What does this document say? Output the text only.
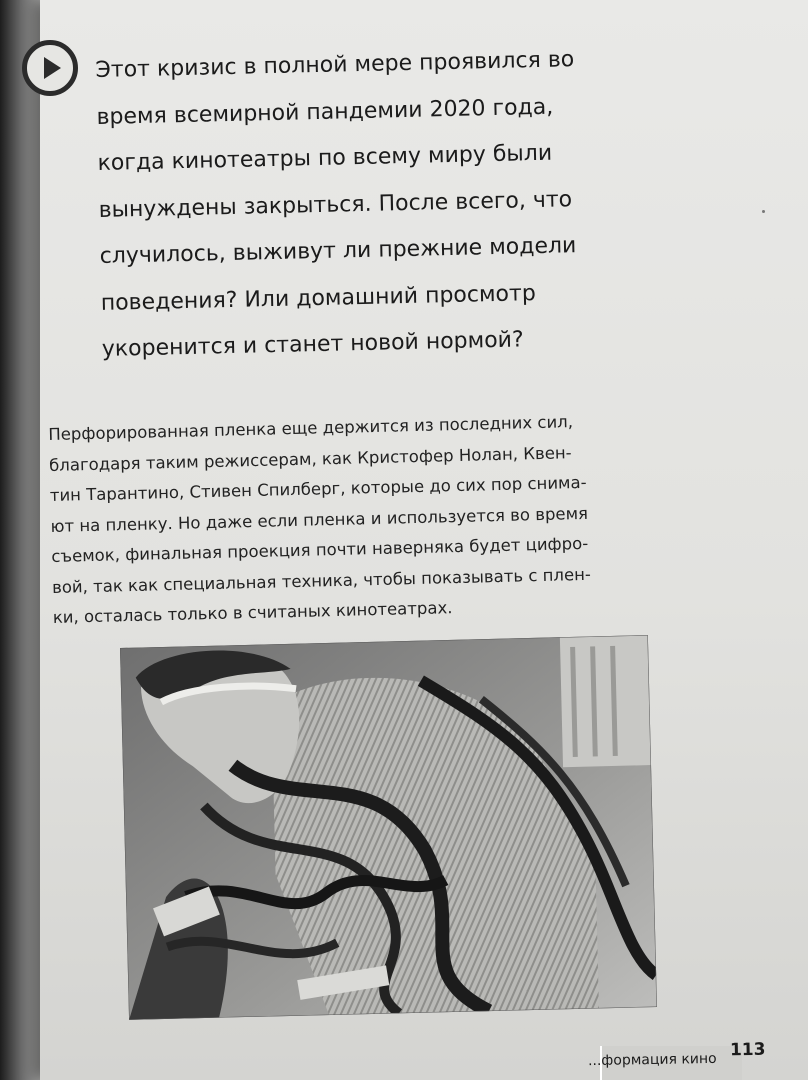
Этот кризис в полной мере проявился во
время всемирной пандемии 2020 года,
когда кинотеатры по всему миру были
вынуждены закрыться. После всего, что
случилось, выживут ли прежние модели
поведения? Или домашний просмотр
укоренится и станет новой нормой?
Перфорированная пленка еще держится из последних сил,
благодаря таким режиссерам, как Кристофер Нолан, Квен-
тин Тарантино, Стивен Спилберг, которые до сих пор снима-
ют на пленку. Но даже если пленка и используется во время
съемок, финальная проекция почти наверняка будет цифро-
вой, так как специальная техника, чтобы показывать с плен-
ки, осталась только в считаных кинотеатрах.
...формация кино 113
